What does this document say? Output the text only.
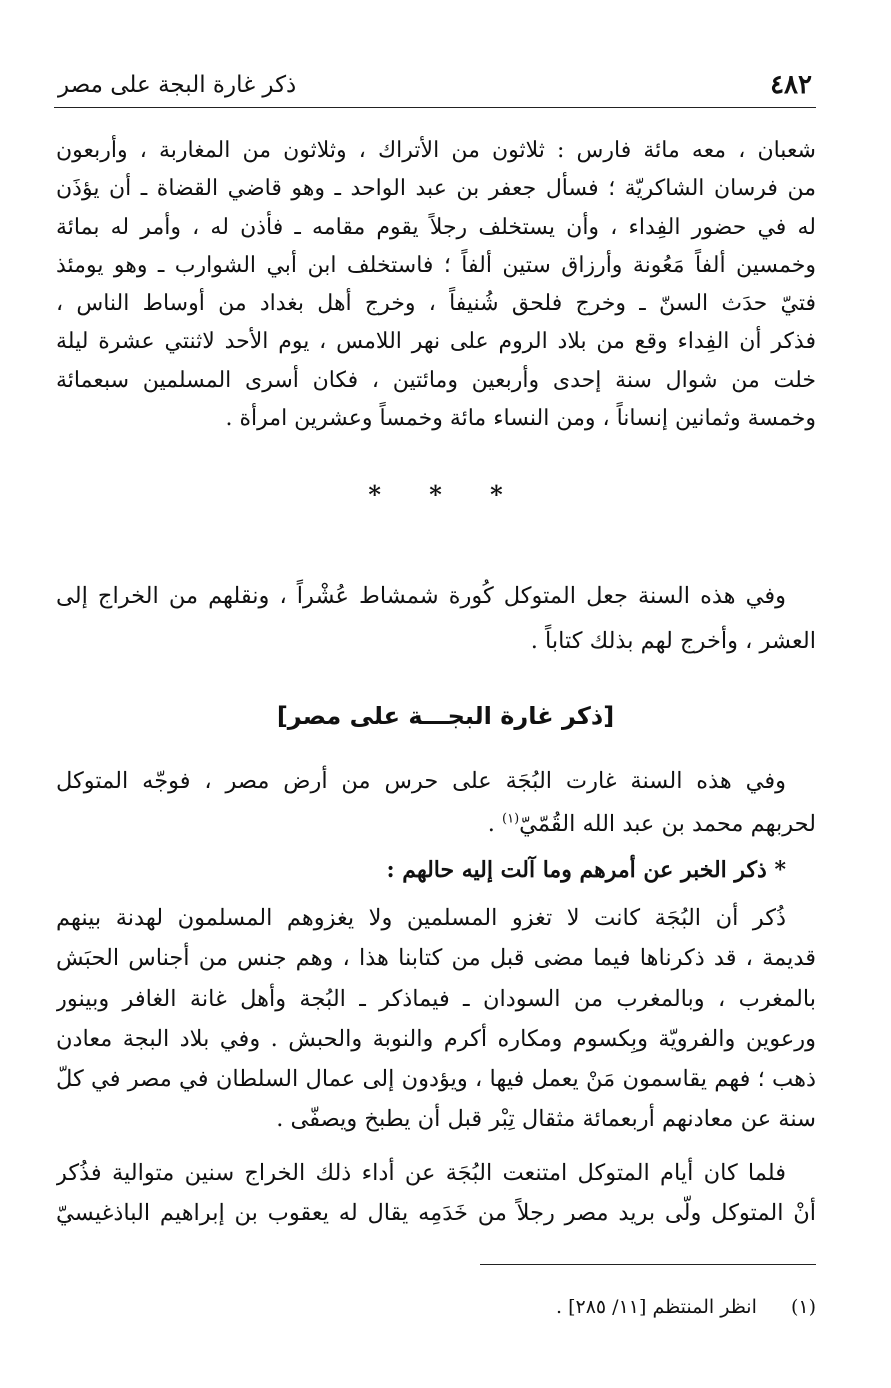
٤٨٢
ذكر غارة البجة على مصر
شعبان ، معه مائة فارس : ثلاثون من الأتراك ، وثلاثون من المغاربة ، وأربعون
من فرسان الشاكريّة ؛ فسأل جعفر بن عبد الواحد ـ وهو قاضي القضاة ـ أن يؤذَن
له في حضور الفِداء ، وأن يستخلف رجلاً يقوم مقامه ـ فأذن له ، وأمر له بمائة
وخمسين ألفاً مَعُونة وأرزاق ستين ألفاً ؛ فاستخلف ابن أبي الشوارب ـ وهو يومئذ
فتيّ حدَث السنّ ـ وخرج فلحق شُنيفاً ، وخرج أهل بغداد من أوساط الناس ،
فذكر أن الفِداء وقع من بلاد الروم على نهر اللامس ، يوم الأحد لاثنتي عشرة ليلة
خلت من شوال سنة إحدى وأربعين ومائتين ، فكان أسرى المسلمين سبعمائة
وخمسة وثمانين إنساناً ، ومن النساء مائة وخمساً وعشرين امرأة .
* * *
وفي هذه السنة جعل المتوكل كُورة شمشاط عُشْراً ، ونقلهم من الخراج إلى
العشر ، وأخرج لهم بذلك كتاباً .
[ذكر غارة البجـــة على مصر]
وفي هذه السنة غارت البُجَة على حرس من أرض مصر ، فوجّه المتوكل
لحربهم محمد بن عبد الله القُمّيّ$^{(١)}$ .
* ذكر الخبر عن أمرهم وما آلت إليه حالهم :
ذُكر أن البُجَة كانت لا تغزو المسلمين ولا يغزوهم المسلمون لهدنة بينهم
قديمة ، قد ذكرناها فيما مضى قبل من كتابنا هذا ، وهم جنس من أجناس الحبَش
بالمغرب ، وبالمغرب من السودان ـ فيماذكر ـ البُجة وأهل غانة الغافر وبينور
ورعوين والفرويّة وبِكسوم ومكاره أكرم والنوبة والحبش . وفي بلاد البجة معادن
ذهب ؛ فهم يقاسمون مَنْ يعمل فيها ، ويؤدون إلى عمال السلطان في مصر في كلّ
سنة عن معادنهم أربعمائة مثقال تِبْر قبل أن يطبخ ويصفّى .
فلما كان أيام المتوكل امتنعت البُجَة عن أداء ذلك الخراج سنين متوالية فذُكر
أنْ المتوكل ولّى بريد مصر رجلاً من خَدَمِه يقال له يعقوب بن إبراهيم الباذغيسيّ
(١) انظر المنتظم [١١/ ٢٨٥] .
